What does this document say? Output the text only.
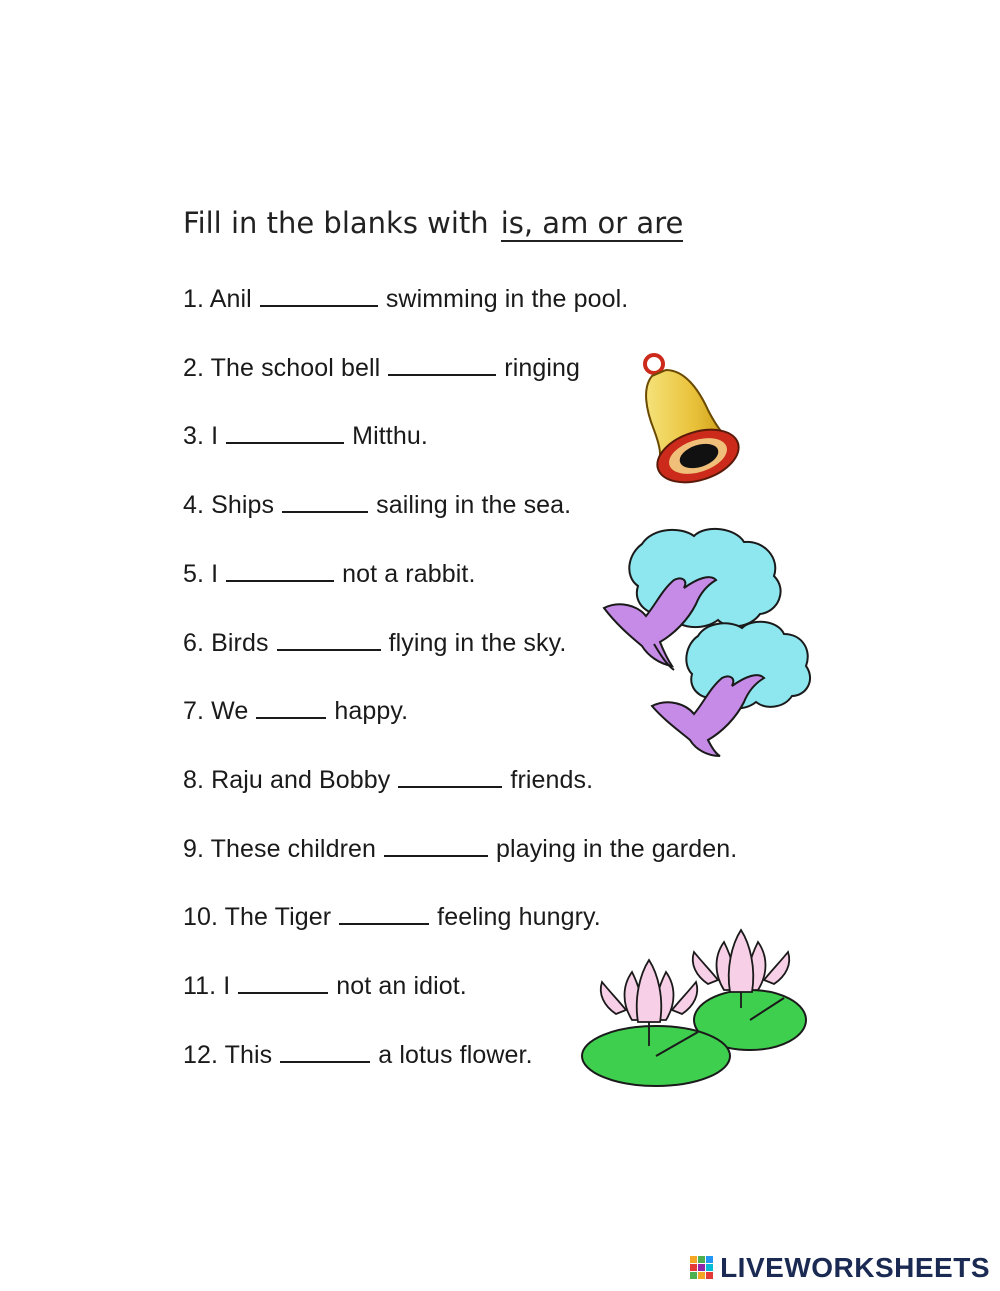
Fill in the blanks with is, am or are
1. Anil	swimming in the pool.
2. The school bell	ringing
3. I	Mitthu.
4. Ships	sailing in the sea.
5. I	not a rabbit.
6. Birds	flying in the sky.
7. We	happy.
8. Raju and Bobby	friends.
9. These children	playing in the garden.
10. The Tiger	feeling hungry.
11. I	not an idiot.
12. This	a lotus flower.
LIVEWORKSHEETS
